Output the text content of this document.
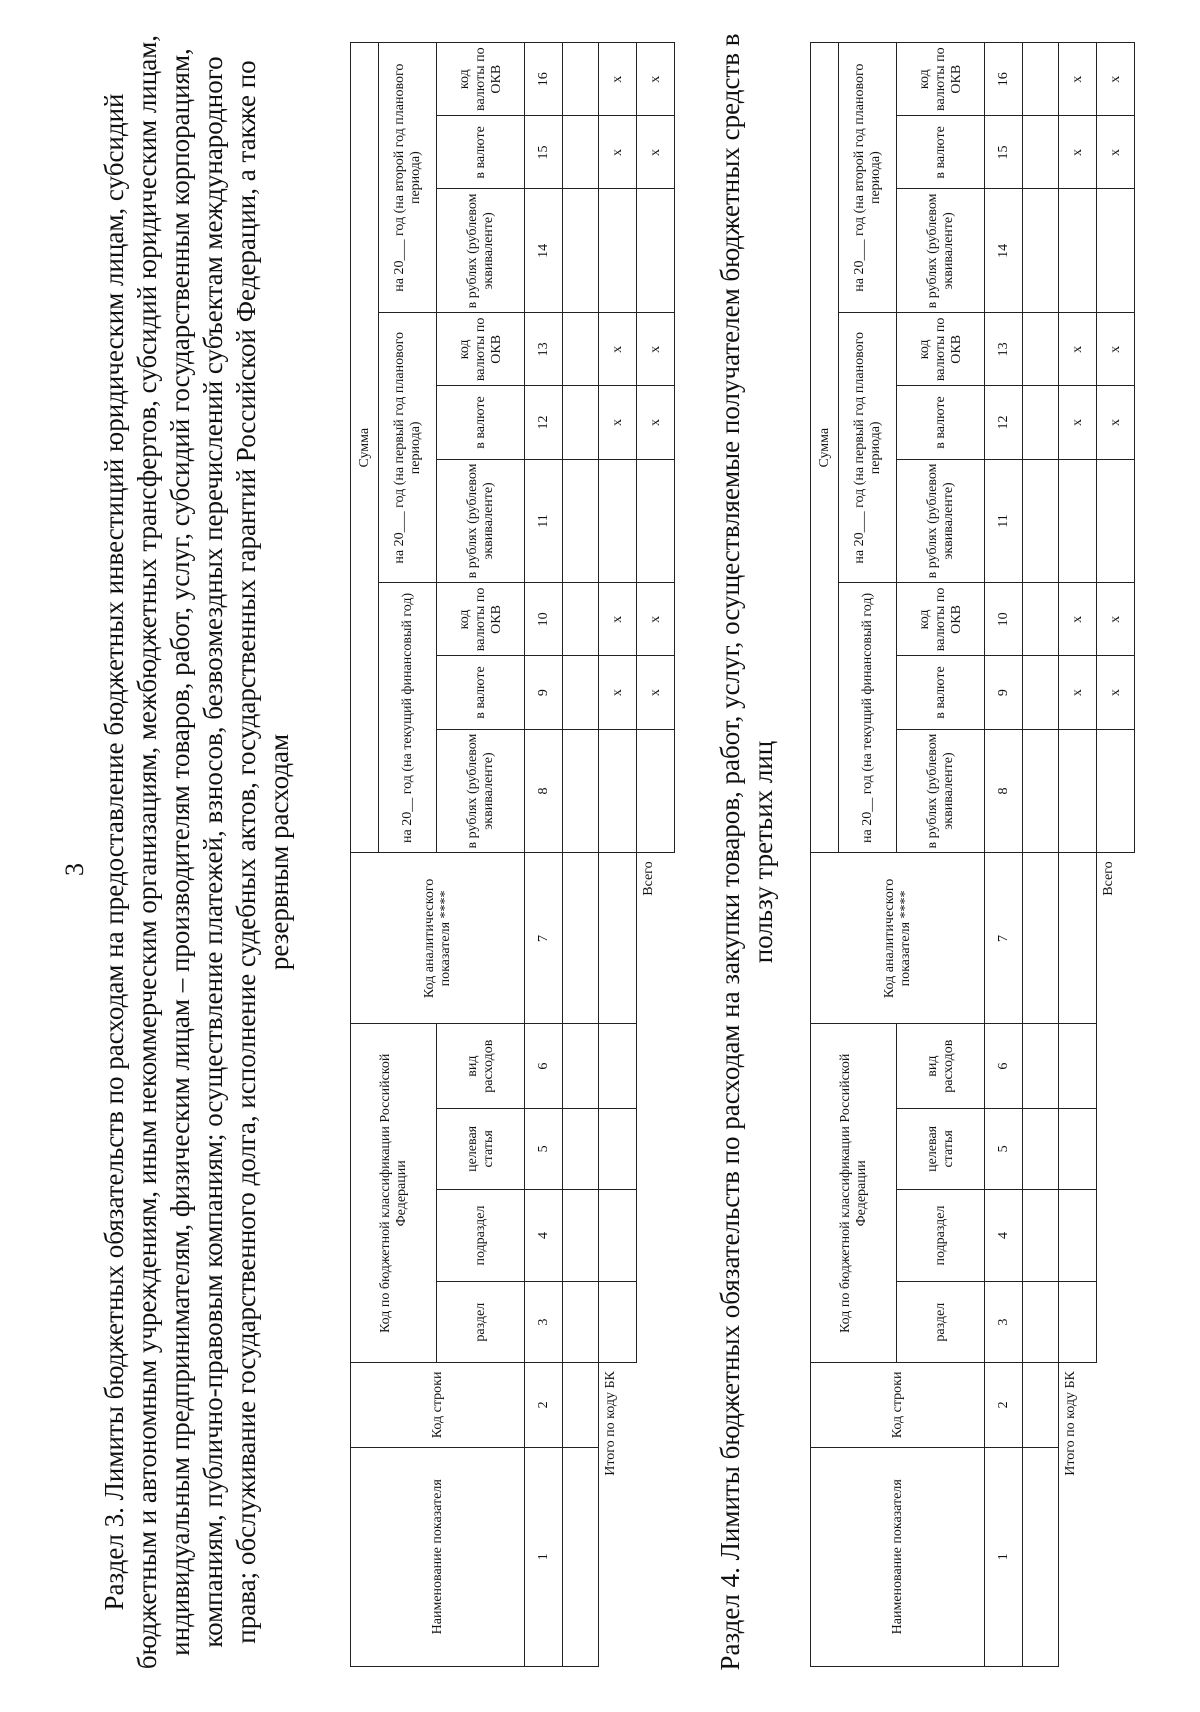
3 Раздел 3. Лимиты бюджетных обязательств по расходам на предоставление бюджетных инвестиций юридическим лицам, субсидий бюджетным и автономным учреждениям, иным некоммерческим организациям, межбюджетных трансфертов, субсидий юридическим лицам, индивидуальным предпринимателям, физическим лицам – производителям товаров, работ, услуг, субсидий государственным корпорациям, компаниям, публично-правовым компаниям; осуществление платежей, взносов, безвозмездных перечислений субъектам международного права; обслуживание государственного долга, исполнение судебных актов, государственных гарантий Российской Федерации, а также по резервным расходам
Наименование показателя	Код строки	Код по бюджетной классификации Российской Федерации				Код аналитического показателя ****	Сумма								
							на 20__ год (на текущий финансовый год)			на 20___ год (на первый год планового периода)			на 20___ год (на второй год планового периода)		
		раздел	подраздел	целевая статья	вид расходов		в рублях (рублевом эквиваленте)	в валюте	код валюты по ОКВ	в рублях (рублевом эквиваленте)	в валюте	код валюты по ОКВ	в рублях (рублевом эквиваленте)	в валюте	код валюты по ОКВ
1	2	3	4	5	6	7	8	9	10	11	12	13	14	15	16

Итого по коду БК								x	x		x	x		x	x
						Всего		x	x		x	x		x	x Раздел 4. Лимиты бюджетных обязательств по расходам на закупки товаров, работ, услуг, осуществляемые получателем бюджетных средств в пользу третьих лиц
Наименование показателя	Код строки	Код по бюджетной классификации Российской Федерации				Код аналитического показателя ****	Сумма								
							на 20__ год (на текущий финансовый год)			на 20___ год (на первый год планового периода)			на 20___ год (на второй год планового периода)		
		раздел	подраздел	целевая статья	вид расходов		в рублях (рублевом эквиваленте)	в валюте	код валюты по ОКВ	в рублях (рублевом эквиваленте)	в валюте	код валюты по ОКВ	в рублях (рублевом эквиваленте)	в валюте	код валюты по ОКВ
1	2	3	4	5	6	7	8	9	10	11	12	13	14	15	16

Итого по коду БК								x	x		x	x		x	x
						Всего		x	x		x	x		x	x
